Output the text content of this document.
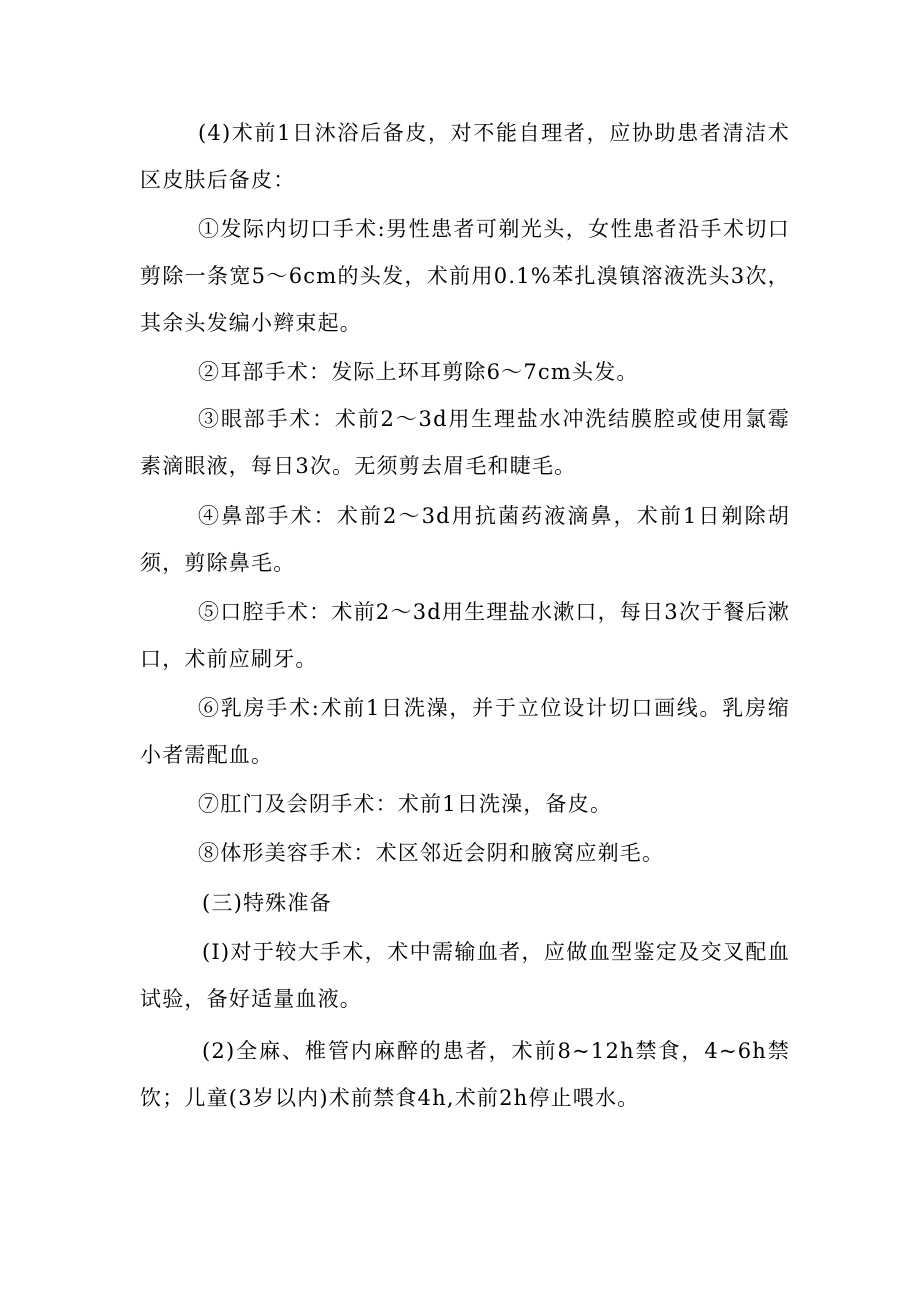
(4)术前1日沐浴后备皮，对不能自理者，应协助患者清洁术区皮肤后备皮：

①发际内切口手术:男性患者可剃光头，女性患者沿手术切口剪除一条宽5～6cm的头发，术前用0.1%苯扎溴镇溶液洗头3次，其余头发编小辫束起。

②耳部手术：发际上环耳剪除6～7cm头发。

③眼部手术：术前2～3d用生理盐水冲洗结膜腔或使用氯霉素滴眼液，每日3次。无须剪去眉毛和睫毛。

④鼻部手术：术前2～3d用抗菌药液滴鼻，术前1日剃除胡须，剪除鼻毛。

⑤口腔手术：术前2～3d用生理盐水漱口，每日3次于餐后漱口，术前应刷牙。

⑥乳房手术:术前1日洗澡，并于立位设计切口画线。乳房缩小者需配血。

⑦肛门及会阴手术：术前1日洗澡，备皮。

⑧体形美容手术：术区邻近会阴和腋窝应剃毛。

(三)特殊准备

(I)对于较大手术，术中需输血者，应做血型鉴定及交叉配血试验，备好适量血液。

(2)全麻、椎管内麻醉的患者，术前8~12h禁食，4~6h禁饮；儿童(3岁以内)术前禁食4h,术前2h停止喂水。
